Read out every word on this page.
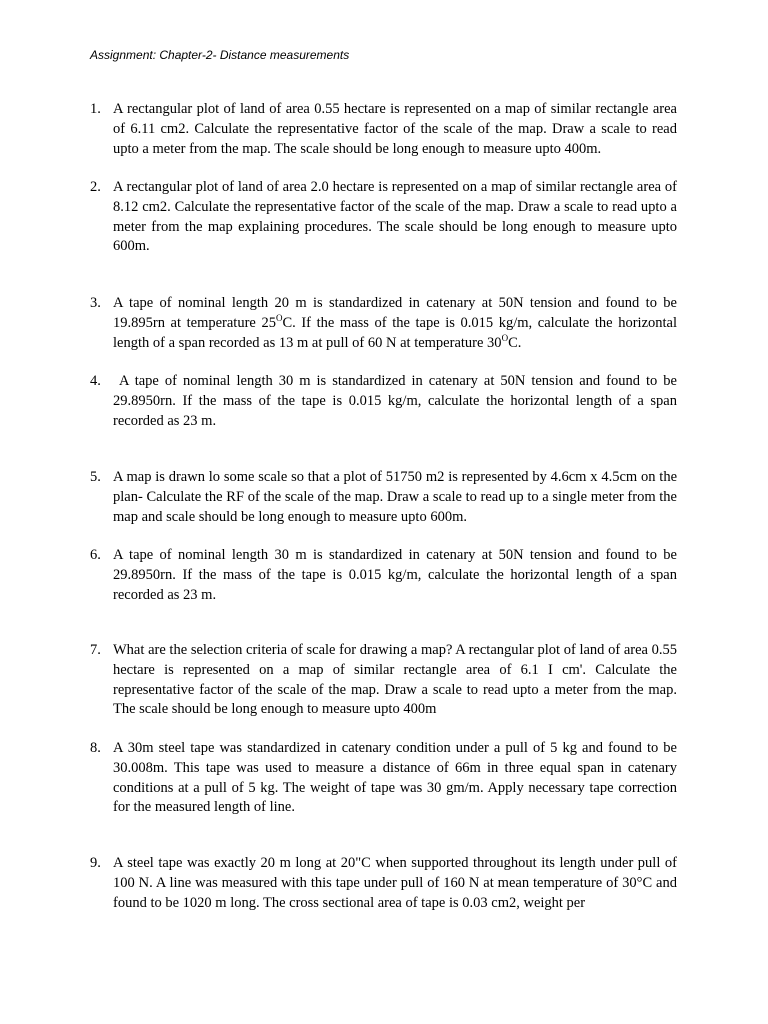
Assignment: Chapter-2- Distance measurements
1. A rectangular plot of land of area 0.55 hectare is represented on a map of similar rectangle area of 6.11 cm2. Calculate the representative factor of the scale of the map. Draw a scale to read upto a meter from the map. The scale should be long enough to measure upto 400m.
2. A rectangular plot of land of area 2.0 hectare is represented on a map of similar rectangle area of 8.12 cm2. Calculate the representative factor of the scale of the map. Draw a scale to read upto a meter from the map explaining procedures. The scale should be long enough to measure upto 600m.
3. A tape of nominal length 20 m is standardized in catenary at 50N tension and found to be 19.895rn at temperature $25^OC$. If the mass of the tape is 0.015 kg/m, calculate the horizontal length of a span recorded as 13 m at pull of 60 N at temperature $30^OC$.
4. A tape of nominal length 30 m is standardized in catenary at 50N tension and found to be 29.8950rn. If the mass of the tape is 0.015 kg/m, calculate the horizontal length of a span recorded as 23 m.
5. A map is drawn lo some scale so that a plot of 51750 m2 is represented by 4.6cm x 4.5cm on the plan- Calculate the RF of the scale of the map. Draw a scale to read up to a single meter from the map and scale should be long enough to measure upto 600m.
6. A tape of nominal length 30 m is standardized in catenary at 50N tension and found to be 29.8950rn. If the mass of the tape is 0.015 kg/m, calculate the horizontal length of a span recorded as 23 m.
7. What are the selection criteria of scale for drawing a map? A rectangular plot of land of area 0.55 hectare is represented on a map of similar rectangle area of 6.1 I cm'. Calculate the representative factor of the scale of the map. Draw a scale to read upto a meter from the map. The scale should be long enough to measure upto 400m
8. A 30m steel tape was standardized in catenary condition under a pull of 5 kg and found to be 30.008m. This tape was used to measure a distance of 66m in three equal span in catenary conditions at a pull of 5 kg. The weight of tape was 30 gm/m. Apply necessary tape correction for the measured length of line.
9. A steel tape was exactly 20 m long at 20"C when supported throughout its length under pull of 100 N. A line was measured with this tape under pull of 160 N at mean temperature of 30°C and found to be 1020 m long. The cross sectional area of tape is 0.03 cm2, weight per
